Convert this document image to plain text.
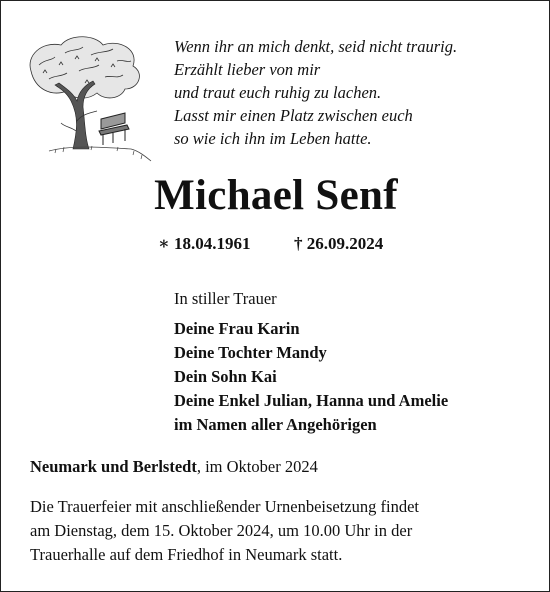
Wenn ihr an mich denkt, seid nicht traurig.
Erzählt lieber von mir
und traut euch ruhig zu lachen.
Lasst mir einen Platz zwischen euch
so wie ich ihn im Leben hatte.
Michael Senf
∗ 18.04.1961	† 26.09.2024
In stiller Trauer
Deine Frau Karin
Deine Tochter Mandy
Dein Sohn Kai
Deine Enkel Julian, Hanna und Amelie
im Namen aller Angehörigen
Neumark und Berlstedt, im Oktober 2024
Die Trauerfeier mit anschließender Urnenbeisetzung findet
am Dienstag, dem 15. Oktober 2024, um 10.00 Uhr in der
Trauerhalle auf dem Friedhof in Neumark statt.
